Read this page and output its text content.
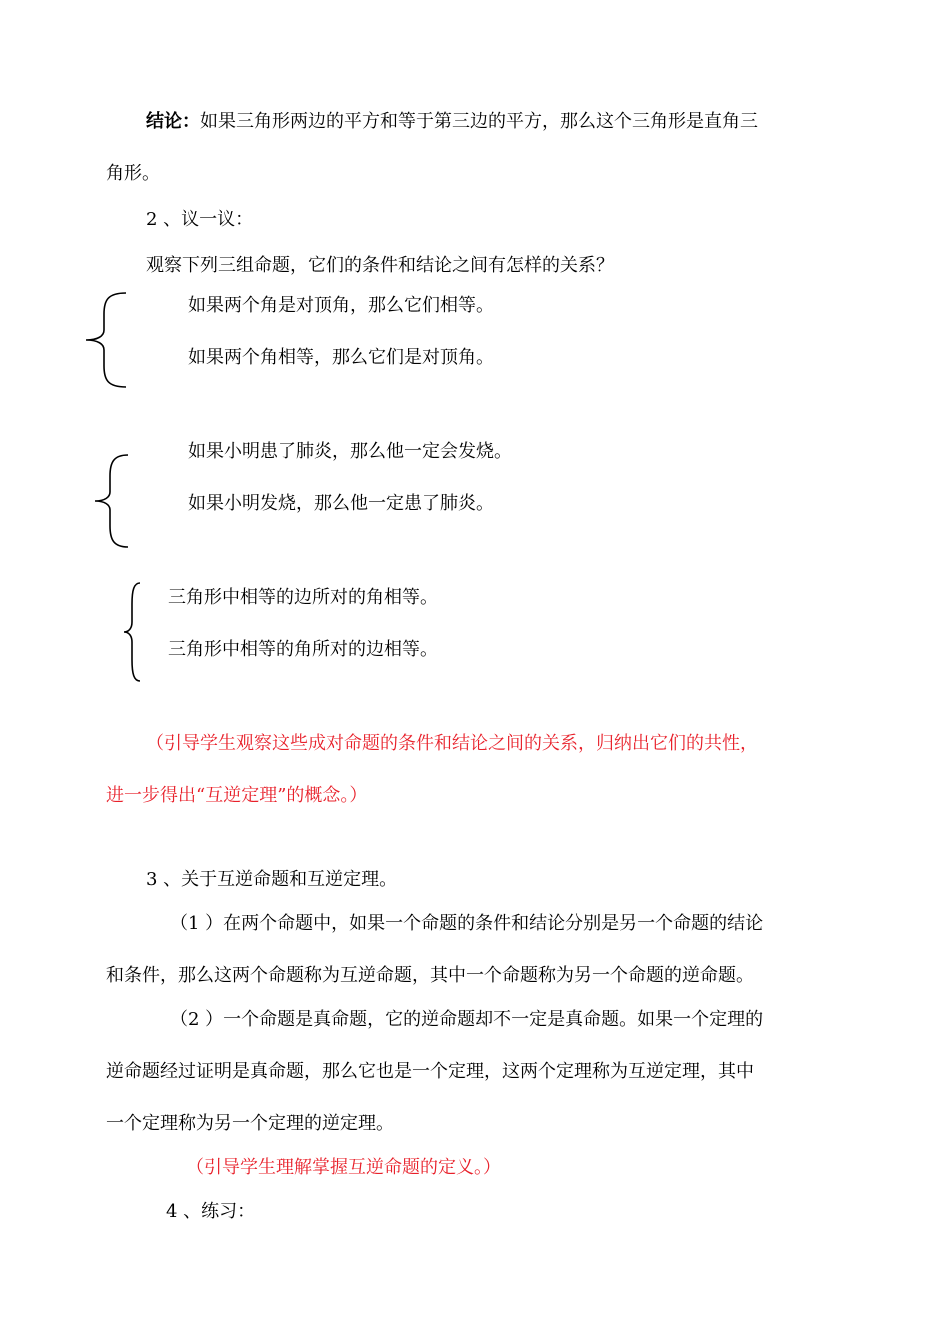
结论：如果三角形两边的平方和等于第三边的平方，那么这个三角形是直角三
角形。
2 、议一议：
观察下列三组命题，它们的条件和结论之间有怎样的关系？
如果两个角是对顶角，那么它们相等。
如果两个角相等，那么它们是对顶角。
如果小明患了肺炎，那么他一定会发烧。
如果小明发烧，那么他一定患了肺炎。
三角形中相等的边所对的角相等。
三角形中相等的角所对的边相等。
（引导学生观察这些成对命题的条件和结论之间的关系，归纳出它们的共性，
进一步得出“互逆定理”的概念。）
3 、关于互逆命题和互逆定理。
（1 ）在两个命题中，如果一个命题的条件和结论分别是另一个命题的结论
和条件，那么这两个命题称为互逆命题，其中一个命题称为另一个命题的逆命题。
（2 ）一个命题是真命题，它的逆命题却不一定是真命题。如果一个定理的
逆命题经过证明是真命题，那么它也是一个定理，这两个定理称为互逆定理，其中
一个定理称为另一个定理的逆定理。
（引导学生理解掌握互逆命题的定义。）
4 、练习：
